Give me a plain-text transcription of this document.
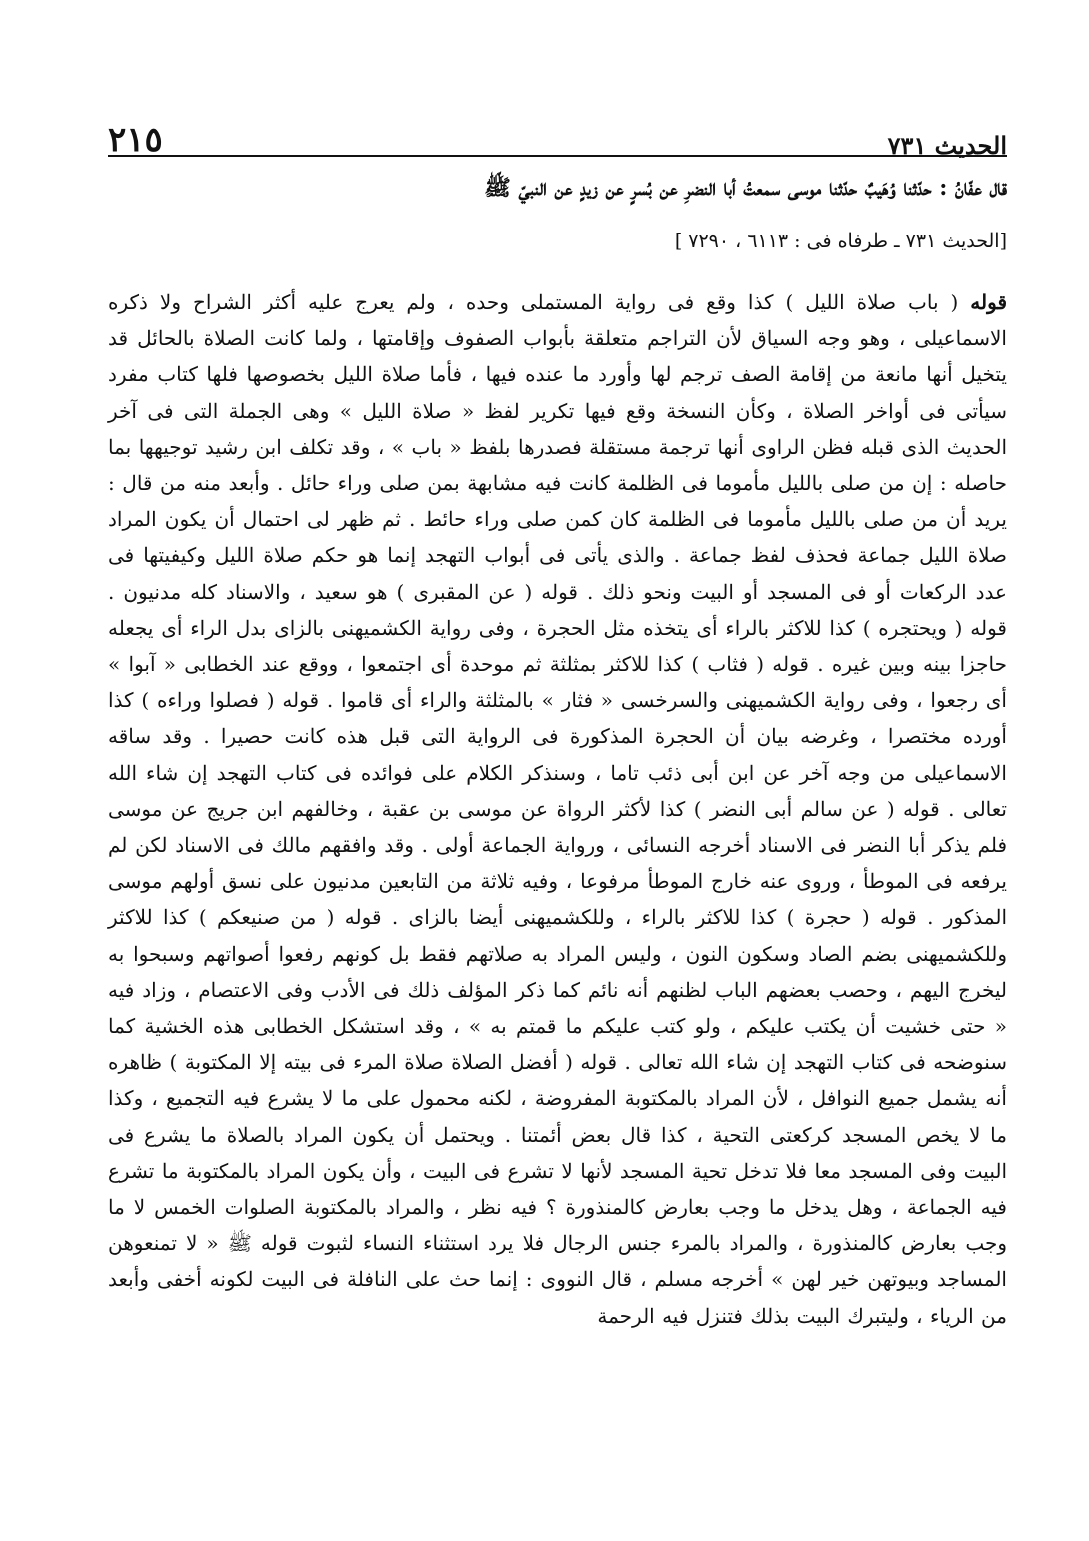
الحديث ٧٣١
٢١٥
قال عفّانُ : حدّثنا وُهَيبٌ حدّثنا موسى سمعتُ أبا النضرِ عن بُسرٍ عن زيدٍ عن النبيّ ﷺ
[الحديث ٧٣١ ـ طرفاه فى : ٦١١٣ ، ٧٢٩٠ ]
قوله ( باب صلاة الليل ) كذا وقع فى رواية المستملى وحده ، ولم يعرج عليه أكثر الشراح ولا ذكره الاسماعيلى ، وهو وجه السياق لأن التراجم متعلقة بأبواب الصفوف وإقامتها ، ولما كانت الصلاة بالحائل قد يتخيل أنها مانعة من إقامة الصف ترجم لها وأورد ما عنده فيها ، فأما صلاة الليل بخصوصها فلها كتاب مفرد سيأتى فى أواخر الصلاة ، وكأن النسخة وقع فيها تكرير لفظ « صلاة الليل » وهى الجملة التى فى آخر الحديث الذى قبله فظن الراوى أنها ترجمة مستقلة فصدرها بلفظ « باب » ، وقد تكلف ابن رشيد توجيهها بما حاصله : إن من صلى بالليل مأموما فى الظلمة كانت فيه مشابهة بمن صلى وراء حائل . وأبعد منه من قال : يريد أن من صلى بالليل مأموما فى الظلمة كان كمن صلى وراء حائط . ثم ظهر لى احتمال أن يكون المراد صلاة الليل جماعة فحذف لفظ جماعة . والذى يأتى فى أبواب التهجد إنما هو حكم صلاة الليل وكيفيتها فى عدد الركعات أو فى المسجد أو البيت ونحو ذلك . قوله ( عن المقبرى ) هو سعيد ، والاسناد كله مدنيون . قوله ( ويحتجره ) كذا للاكثر بالراء أى يتخذه مثل الحجرة ، وفى رواية الكشميهنى بالزاى بدل الراء أى يجعله حاجزا بينه وبين غيره . قوله ( فثاب ) كذا للاكثر بمثلثة ثم موحدة أى اجتمعوا ، ووقع عند الخطابى « آبوا » أى رجعوا ، وفى رواية الكشميهنى والسرخسى « فثار » بالمثلثة والراء أى قاموا . قوله ( فصلوا وراءه ) كذا أورده مختصرا ، وغرضه بيان أن الحجرة المذكورة فى الرواية التى قبل هذه كانت حصيرا . وقد ساقه الاسماعيلى من وجه آخر عن ابن أبى ذئب تاما ، وسنذكر الكلام على فوائده فى كتاب التهجد إن شاء الله تعالى . قوله ( عن سالم أبى النضر ) كذا لأكثر الرواة عن موسى بن عقبة ، وخالفهم ابن جريج عن موسى فلم يذكر أبا النضر فى الاسناد أخرجه النسائى ، ورواية الجماعة أولى . وقد وافقهم مالك فى الاسناد لكن لم يرفعه فى الموطأ ، وروى عنه خارج الموطأ مرفوعا ، وفيه ثلاثة من التابعين مدنيون على نسق أولهم موسى المذكور . قوله ( حجرة ) كذا للاكثر بالراء ، وللكشميهنى أيضا بالزاى . قوله ( من صنيعكم ) كذا للاكثر وللكشميهنى بضم الصاد وسكون النون ، وليس المراد به صلاتهم فقط بل كونهم رفعوا أصواتهم وسبحوا به ليخرج اليهم ، وحصب بعضهم الباب لظنهم أنه نائم كما ذكر المؤلف ذلك فى الأدب وفى الاعتصام ، وزاد فيه « حتى خشيت أن يكتب عليكم ، ولو كتب عليكم ما قمتم به » ، وقد استشكل الخطابى هذه الخشية كما سنوضحه فى كتاب التهجد إن شاء الله تعالى . قوله ( أفضل الصلاة صلاة المرء فى بيته إلا المكتوبة ) ظاهره أنه يشمل جميع النوافل ، لأن المراد بالمكتوبة المفروضة ، لكنه محمول على ما لا يشرع فيه التجميع ، وكذا ما لا يخص المسجد كركعتى التحية ، كذا قال بعض أئمتنا . ويحتمل أن يكون المراد بالصلاة ما يشرع فى البيت وفى المسجد معا فلا تدخل تحية المسجد لأنها لا تشرع فى البيت ، وأن يكون المراد بالمكتوبة ما تشرع فيه الجماعة ، وهل يدخل ما وجب بعارض كالمنذورة ؟ فيه نظر ، والمراد بالمكتوبة الصلوات الخمس لا ما وجب بعارض كالمنذورة ، والمراد بالمرء جنس الرجال فلا يرد استثناء النساء لثبوت قوله ﷺ « لا تمنعوهن المساجد وبيوتهن خير لهن » أخرجه مسلم ، قال النووى : إنما حث على النافلة فى البيت لكونه أخفى وأبعد من الرياء ، وليتبرك البيت بذلك فتنزل فيه الرحمة
